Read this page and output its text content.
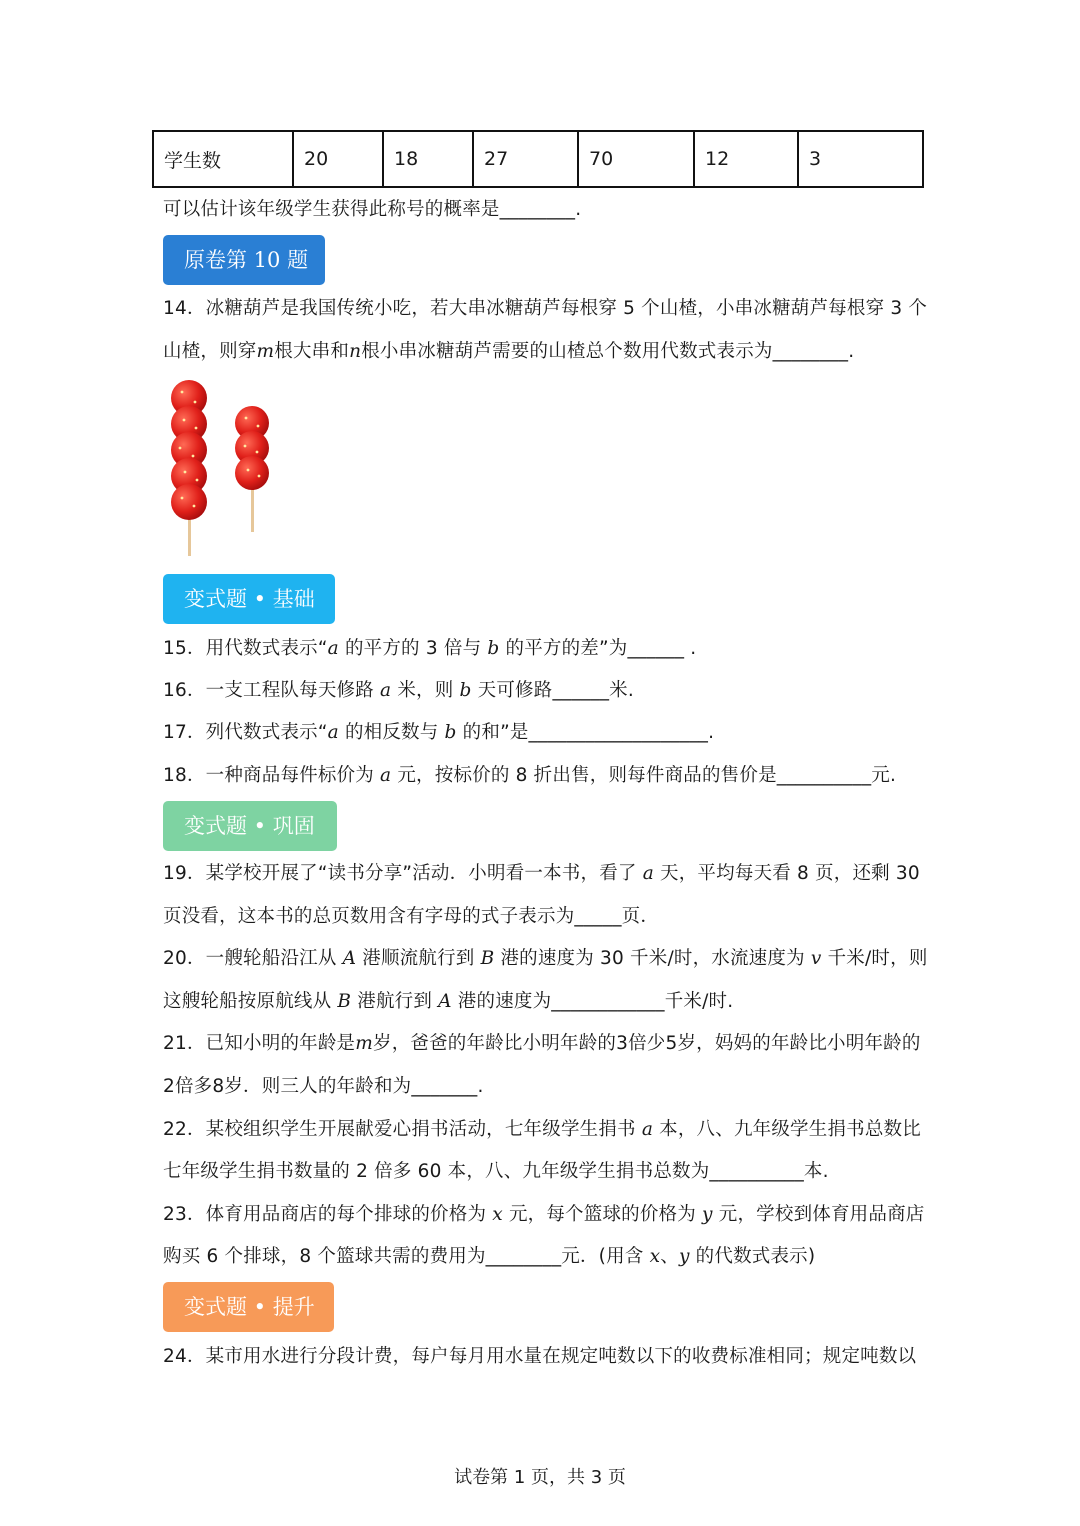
学生数	20	18	27	70	12	3
可以估计该年级学生获得此称号的概率是________.
原卷第 10 题
14．冰糖葫芦是我国传统小吃，若大串冰糖葫芦每根穿 5 个山楂，小串冰糖葫芦每根穿 3 个
山楂，则穿m根大串和n根小串冰糖葫芦需要的山楂总个数用代数式表示为________.
变式题 • 基础
15．用代数式表示“a 的平方的 3 倍与 b 的平方的差”为______ .
16．一支工程队每天修路 a 米，则 b 天可修路______米.
17．列代数式表示“a 的相反数与 b 的和”是___________________.
18．一种商品每件标价为 a 元，按标价的 8 折出售，则每件商品的售价是__________元.
变式题 • 巩固
19．某学校开展了“读书分享”活动．小明看一本书，看了 a 天，平均每天看 8 页，还剩 30
页没看，这本书的总页数用含有字母的式子表示为_____页．
20．一艘轮船沿江从 A 港顺流航行到 B 港的速度为 30 千米/时，水流速度为 v 千米/时，则
这艘轮船按原航线从 B 港航行到 A 港的速度为____________千米/时.
21．已知小明的年龄是m岁，爸爸的年龄比小明年龄的3倍少5岁，妈妈的年龄比小明年龄的
2倍多8岁．则三人的年龄和为_______.
22．某校组织学生开展献爱心捐书活动，七年级学生捐书 a 本，八、九年级学生捐书总数比
七年级学生捐书数量的 2 倍多 60 本，八、九年级学生捐书总数为__________本.
23．体育用品商店的每个排球的价格为 x 元，每个篮球的价格为 y 元，学校到体育用品商店
购买 6 个排球，8 个篮球共需的费用为________元．(用含 x、y 的代数式表示)
变式题 • 提升
24．某市用水进行分段计费，每户每月用水量在规定吨数以下的收费标准相同；规定吨数以
试卷第 1 页，共 3 页
